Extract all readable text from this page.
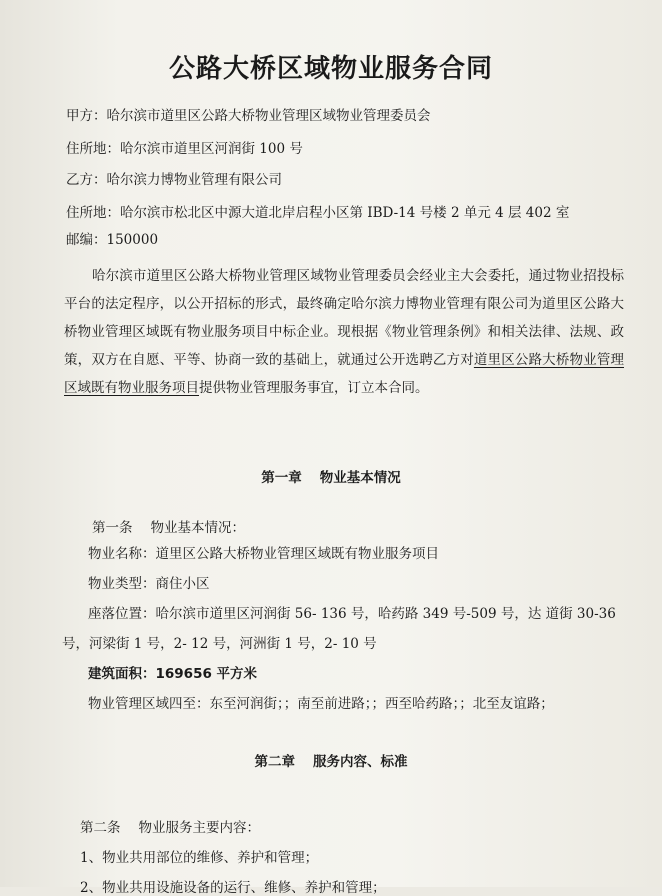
公路大桥区域物业服务合同
甲方：哈尔滨市道里区公路大桥物业管理区域物业管理委员会
住所地：哈尔滨市道里区河润街 100 号
乙方：哈尔滨力博物业管理有限公司
住所地：哈尔滨市松北区中源大道北岸启程小区第 IBD-14 号楼 2 单元 4 层 402 室
邮编：150000
哈尔滨市道里区公路大桥物业管理区域物业管理委员会经业主大会委托，通过物业招投标平台的法定程序，以公开招标的形式，最终确定哈尔滨力博物业管理有限公司为道里区公路大桥物业管理区域既有物业服务项目中标企业。现根据《物业管理条例》和相关法律、法规、政策，双方在自愿、平等、协商一致的基础上，就通过公开选聘乙方对道里区公路大桥物业管理区域既有物业服务项目提供物业管理服务事宜，订立本合同。
第一章 物业基本情况
第一条 物业基本情况：
物业名称：道里区公路大桥物业管理区域既有物业服务项目
物业类型：商住小区
座落位置：哈尔滨市道里区河润街 56- 136 号，哈药路 349 号-509 号，达 道街 30-36
号，河梁街 1 号，2- 12 号，河洲街 1 号，2- 10 号
建筑面积：169656 平方米
物业管理区域四至：东至河润街；；南至前进路；；西至哈药路；；北至友谊路；
第二章 服务内容、标准
第二条 物业服务主要内容：
1、物业共用部位的维修、养护和管理；
2、物业共用设施设备的运行、维修、养护和管理；
